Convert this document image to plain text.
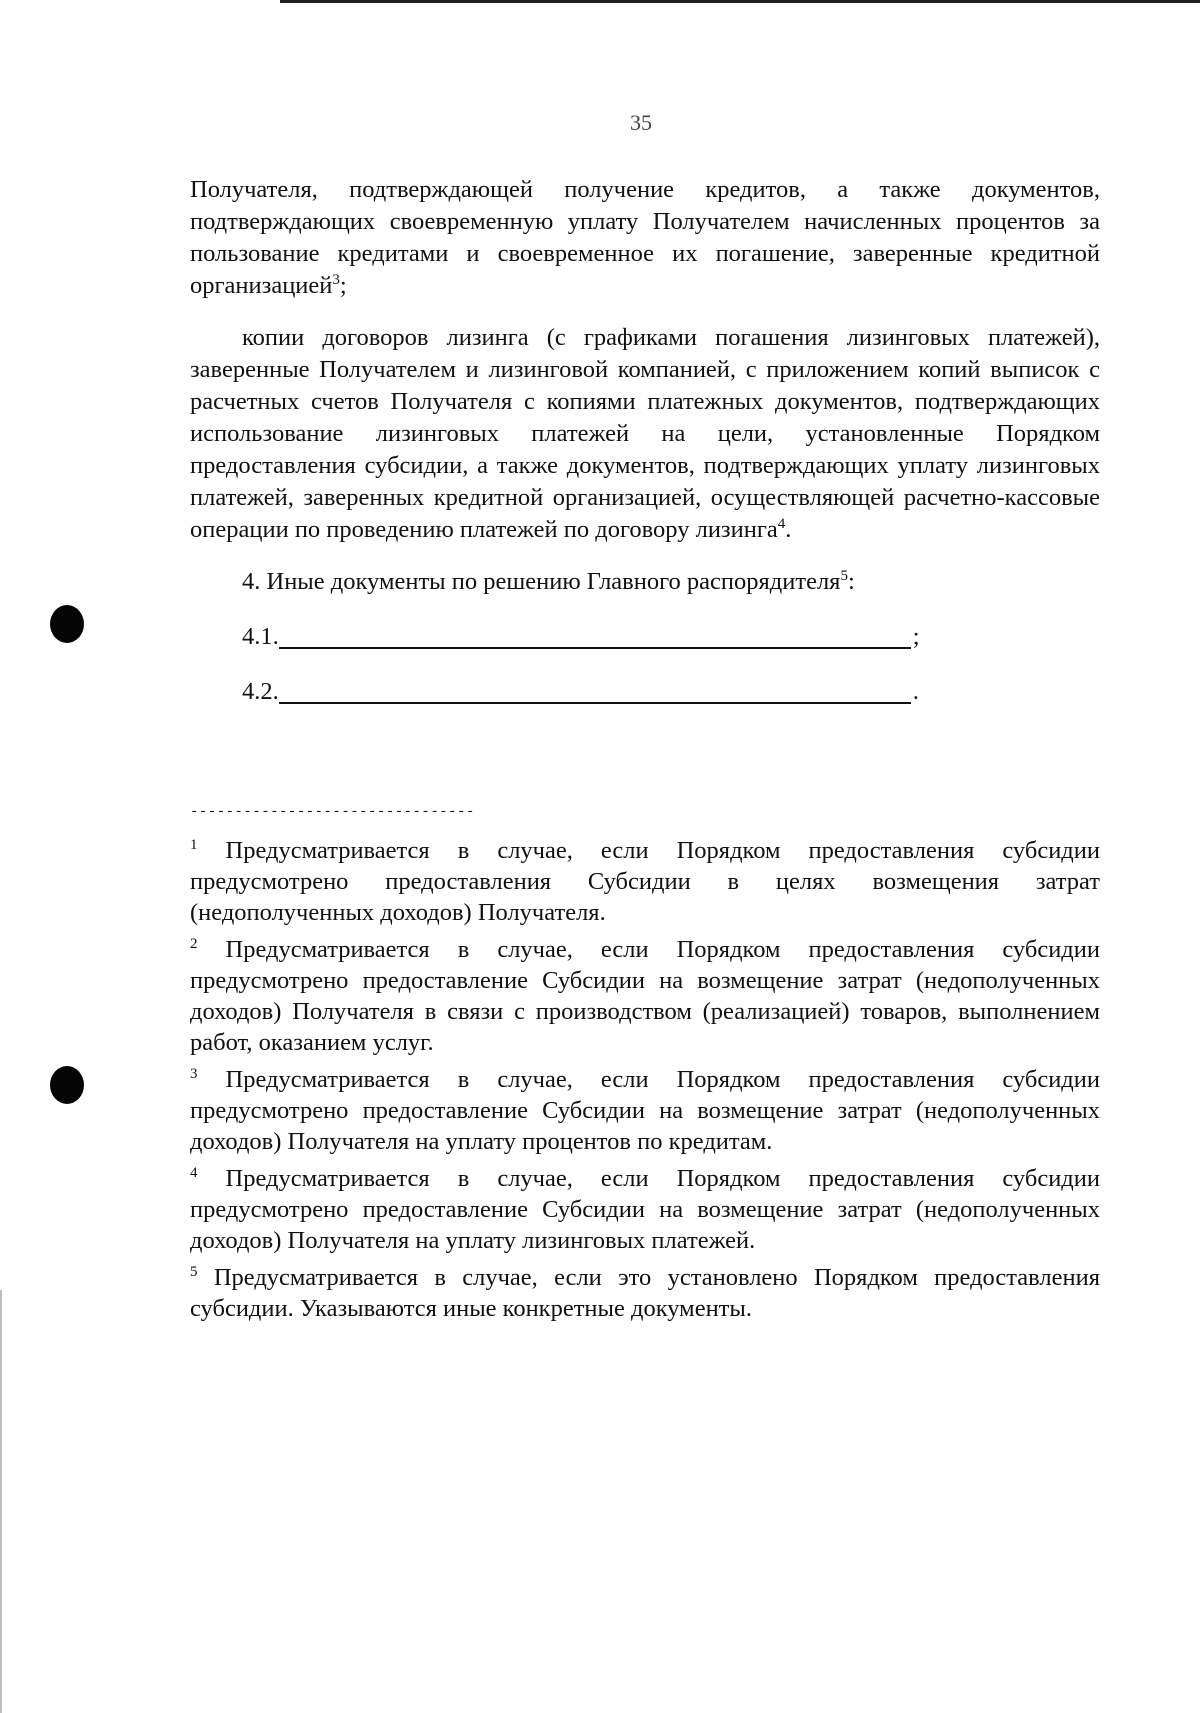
35

Получателя, подтверждающей получение кредитов, а также документов, подтверждающих своевременную уплату Получателем начисленных процентов за пользование кредитами и своевременное их погашение, заверенные кредитной организацией$^3$;

копии договоров лизинга (с графиками погашения лизинговых платежей), заверенные Получателем и лизинговой компанией, с приложением копий выписок с расчетных счетов Получателя с копиями платежных документов, подтверждающих использование лизинговых платежей на цели, установленные Порядком предоставления субсидии, а также документов, подтверждающих уплату лизинговых платежей, заверенных кредитной организацией, осуществляющей расчетно-кассовые операции по проведению платежей по договору лизинга$^4$.

4. Иные документы по решению Главного распорядителя$^5$:

4.1.	;
4.2.	.
--------------------------------

$^1$ Предусматривается в случае, если Порядком предоставления субсидии предусмотрено предоставления Субсидии в целях возмещения затрат (недополученных доходов) Получателя.

$^2$ Предусматривается в случае, если Порядком предоставления субсидии предусмотрено предоставление Субсидии на возмещение затрат (недополученных доходов) Получателя в связи с производством (реализацией) товаров, выполнением работ, оказанием услуг.

$^3$ Предусматривается в случае, если Порядком предоставления субсидии предусмотрено предоставление Субсидии на возмещение затрат (недополученных доходов) Получателя на уплату процентов по кредитам.

$^4$ Предусматривается в случае, если Порядком предоставления субсидии предусмотрено предоставление Субсидии на возмещение затрат (недополученных доходов) Получателя на уплату лизинговых платежей.

$^5$ Предусматривается в случае, если это установлено Порядком предоставления субсидии. Указываются иные конкретные документы.
